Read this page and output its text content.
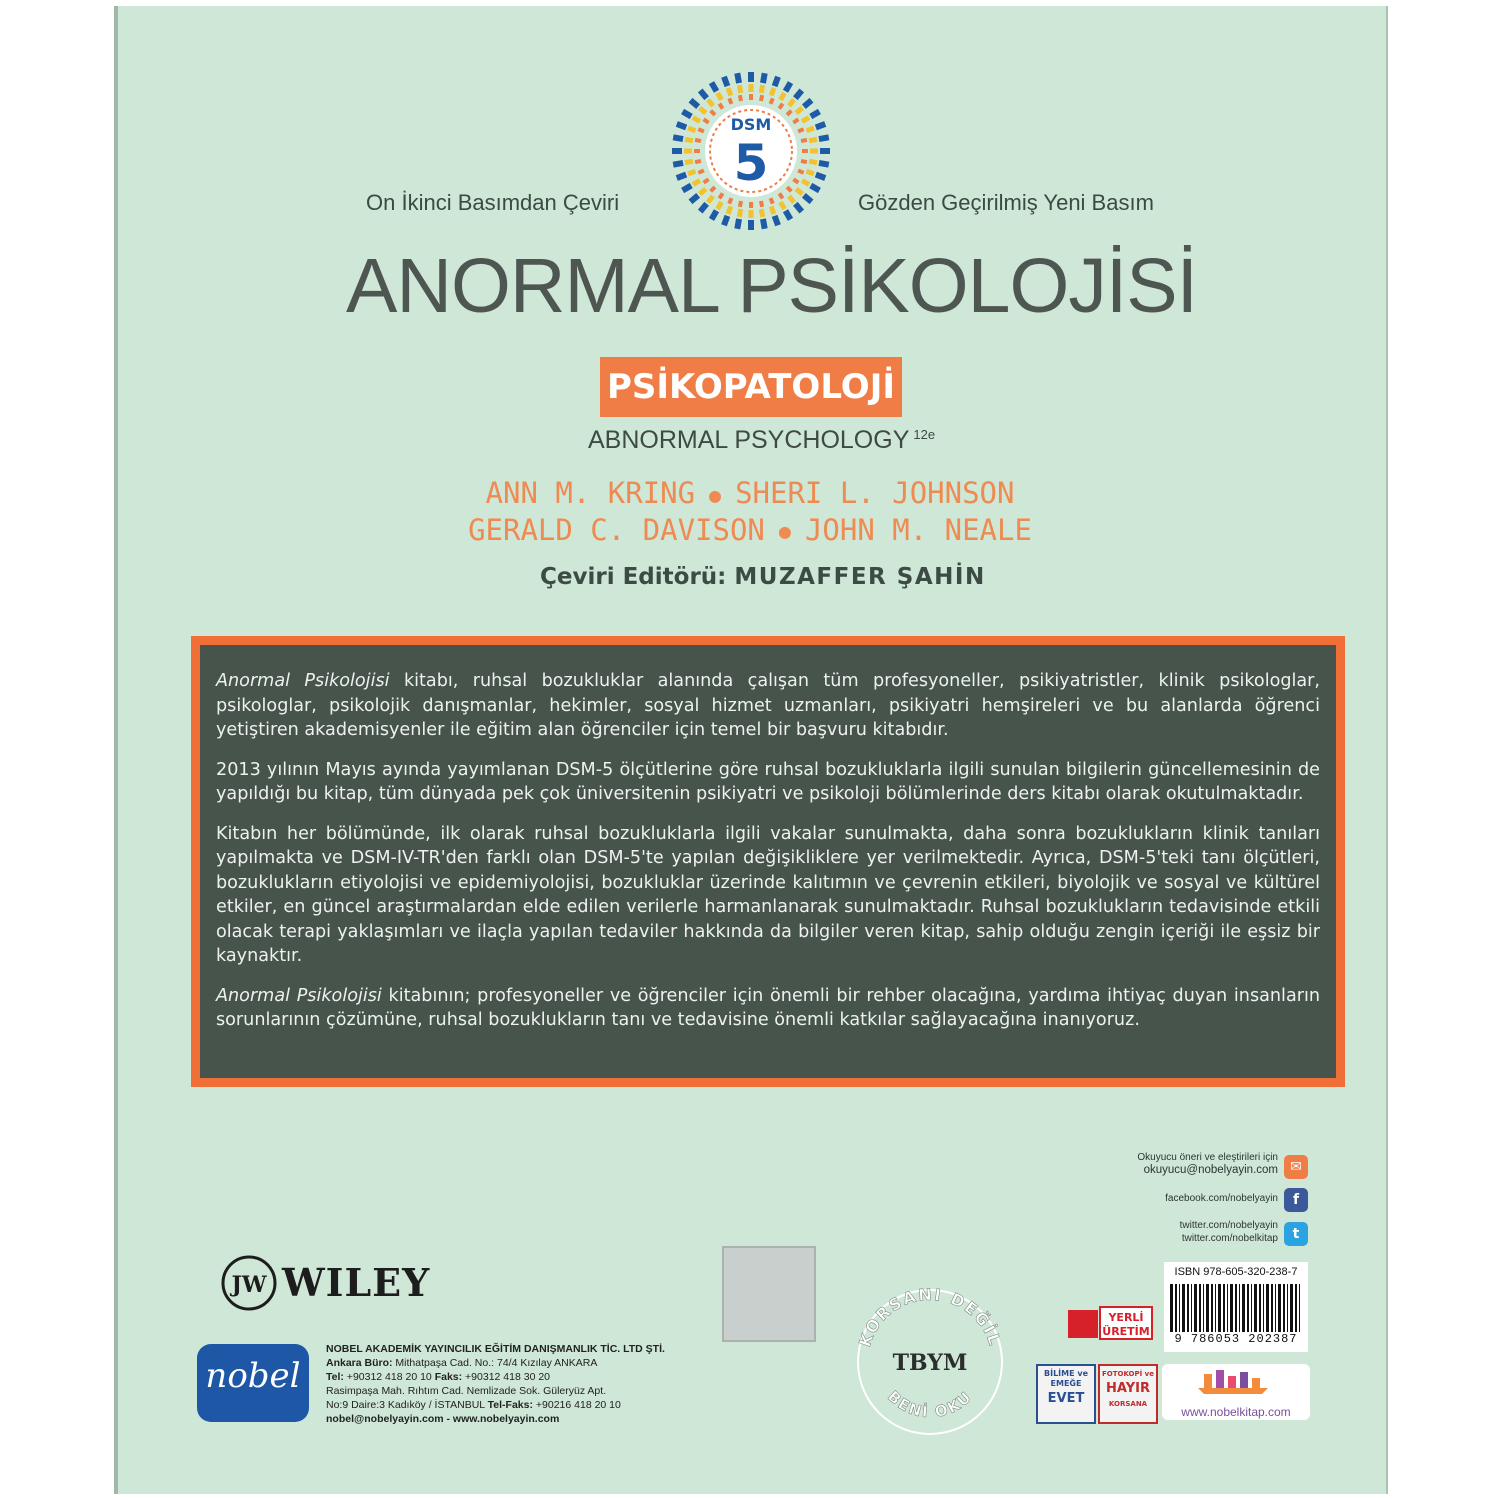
DSM
5
On İkinci Basımdan Çeviri	Gözden Geçirilmiş Yeni Basım
ANORMAL PSİKOLOJİSİ
PSİKOPATOLOJİ
ABNORMAL PSYCHOLOGY $^{12e}$
ANN M. KRING ● SHERI L. JOHNSON
GERALD C. DAVISON ● JOHN M. NEALE
Çeviri Editörü: MUZAFFER ŞAHİN

Anormal Psikolojisi kitabı, ruhsal bozukluklar alanında çalışan tüm profesyoneller, psikiyatristler, klinik psikologlar, psikologlar, psikolojik danışmanlar, hekimler, sosyal hizmet uzmanları, psikiyatri hemşireleri ve bu alanlarda öğrenci yetiştiren akademisyenler ile eğitim alan öğrenciler için temel bir başvuru kitabıdır.

2013 yılının Mayıs ayında yayımlanan DSM-5 ölçütlerine göre ruhsal bozukluklarla ilgili sunulan bilgilerin güncellemesinin de yapıldığı bu kitap, tüm dünyada pek çok üniversitenin psikiyatri ve psikoloji bölümlerinde ders kitabı olarak okutulmaktadır.

Kitabın her bölümünde, ilk olarak ruhsal bozukluklarla ilgili vakalar sunulmakta, daha sonra bozuklukların klinik tanıları yapılmakta ve DSM-IV-TR'den farklı olan DSM-5'te yapılan değişikliklere yer verilmektedir. Ayrıca, DSM-5'teki tanı ölçütleri, bozuklukların etiyolojisi ve epidemiyolojisi, bozukluklar üzerinde kalıtımın ve çevrenin etkileri, biyolojik ve sosyal ve kültürel etkiler, en güncel araştırmalardan elde edilen verilerle harmanlanarak sunulmaktadır. Ruhsal bozuklukların tedavisinde etkili olacak terapi yaklaşımları ve ilaçla yapılan tedaviler hakkında da bilgiler veren kitap, sahip olduğu zengin içeriği ile eşsiz bir kaynaktır.

Anormal Psikolojisi kitabının; profesyoneller ve öğrenciler için önemli bir rehber olacağına, yardıma ihtiyaç duyan insanların sorunlarının çözümüne, ruhsal bozuklukların tanı ve tedavisine önemli katkılar sağlayacağına inanıyoruz.

Okuyucu öneri ve eleştirileri için
okuyucu@nobelyayin.com ✉
facebook.com/nobelyayin	f
twitter.com/nobelyayin
twitter.com/nobelkitap	t
ISBN 978-605-320-238-7
9 786053 202387
JW WILEY
nobel
NOBEL AKADEMİK YAYINCILIK EĞİTİM DANIŞMANLIK TİC. LTD ŞTİ.
Ankara Büro: Mithatpaşa Cad. No.: 74/4 Kızılay ANKARA
Tel: +90312 418 20 10 Faks: +90312 418 30 20
Rasimpaşa Mah. Rıhtım Cad. Nemlizade Sok. Güleryüz Apt.
No:9 Daire:3 Kadıköy / İSTANBUL Tel-Faks: +90216 418 20 10
nobel@nobelyayin.com - www.nobelyayin.com
KORSANI DEĞİL
BENİ OKU
TBYM
YERLİ
ÜRETİM
BİLİME ve
EMEĞE
EVET
FOTOKOPİ ve
HAYIR
KORSANA
www.nobelkitap.com
